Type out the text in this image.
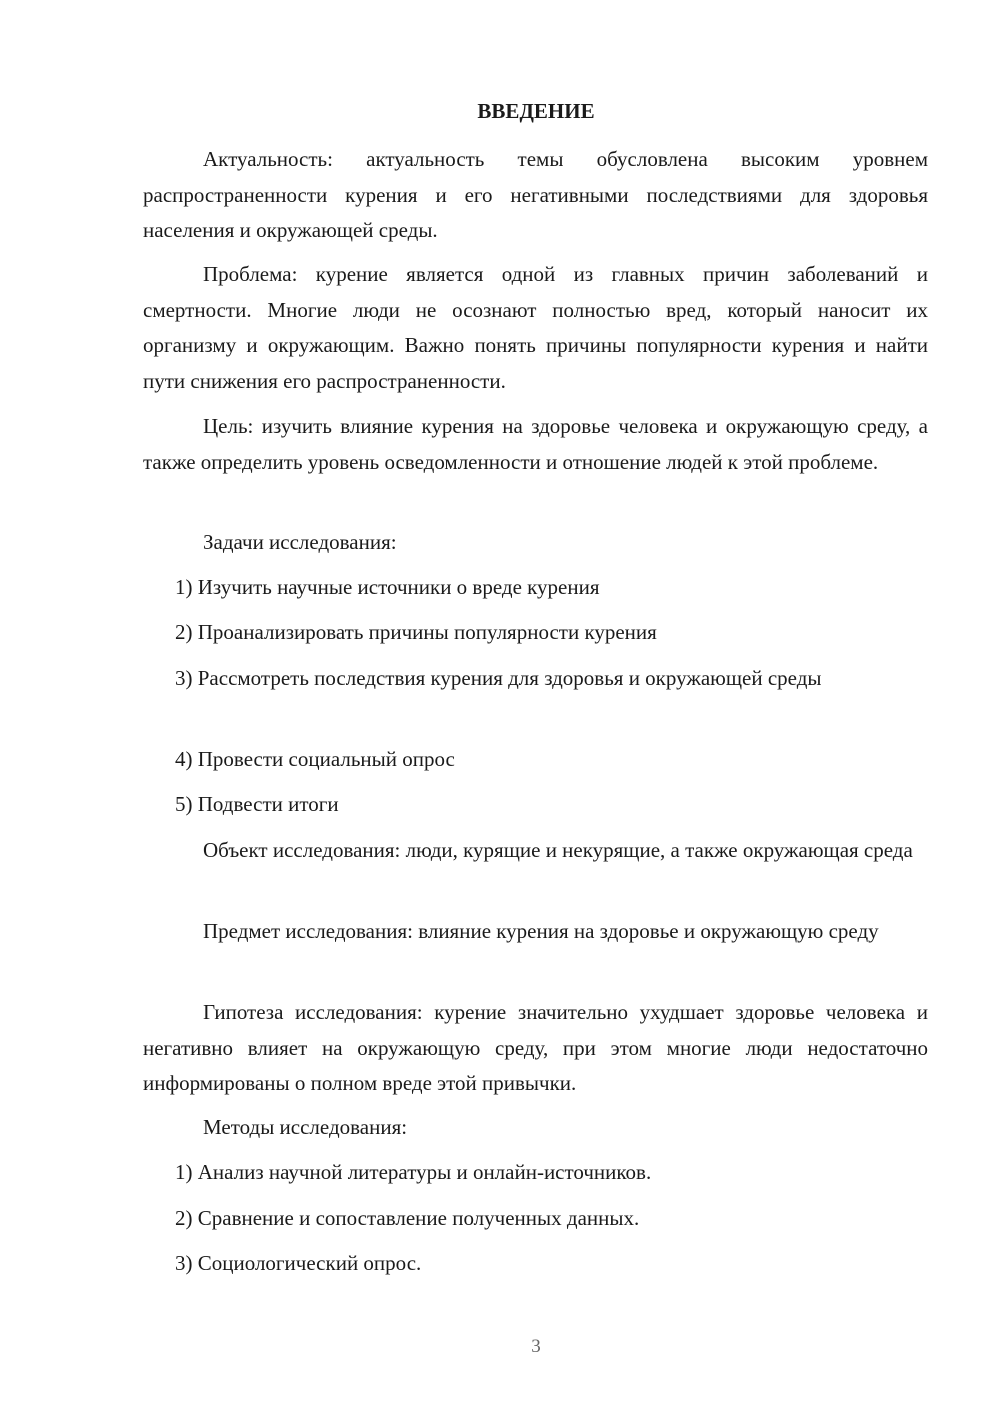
ВВЕДЕНИЕ

Актуальность: актуальность темы обусловлена высоким уровнем распространенности курения и его негативными последствиями для здоровья населения и окружающей среды.

Проблема: курение является одной из главных причин заболеваний и смертности. Многие люди не осознают полностью вред, который наносит их организму и окружающим. Важно понять причины популярности курения и найти пути снижения его распространенности.

Цель: изучить влияние курения на здоровье человека и окружающую среду, а также определить уровень осведомленности и отношение людей к этой проблеме.

Задачи исследования:

1) Изучить научные источники о вреде курения

2) Проанализировать причины популярности курения

3) Рассмотреть последствия курения для здоровья и окружающей среды

4) Провести социальный опрос

5) Подвести итоги

Объект исследования: люди, курящие и некурящие, а также окружающая среда

Предмет исследования: влияние курения на здоровье и окружающую среду

Гипотеза исследования: курение значительно ухудшает здоровье человека и негативно влияет на окружающую среду, при этом многие люди недостаточно информированы о полном вреде этой привычки.

Методы исследования:

1) Анализ научной литературы и онлайн-источников.

2) Сравнение и сопоставление полученных данных.

3) Социологический опрос.

3
